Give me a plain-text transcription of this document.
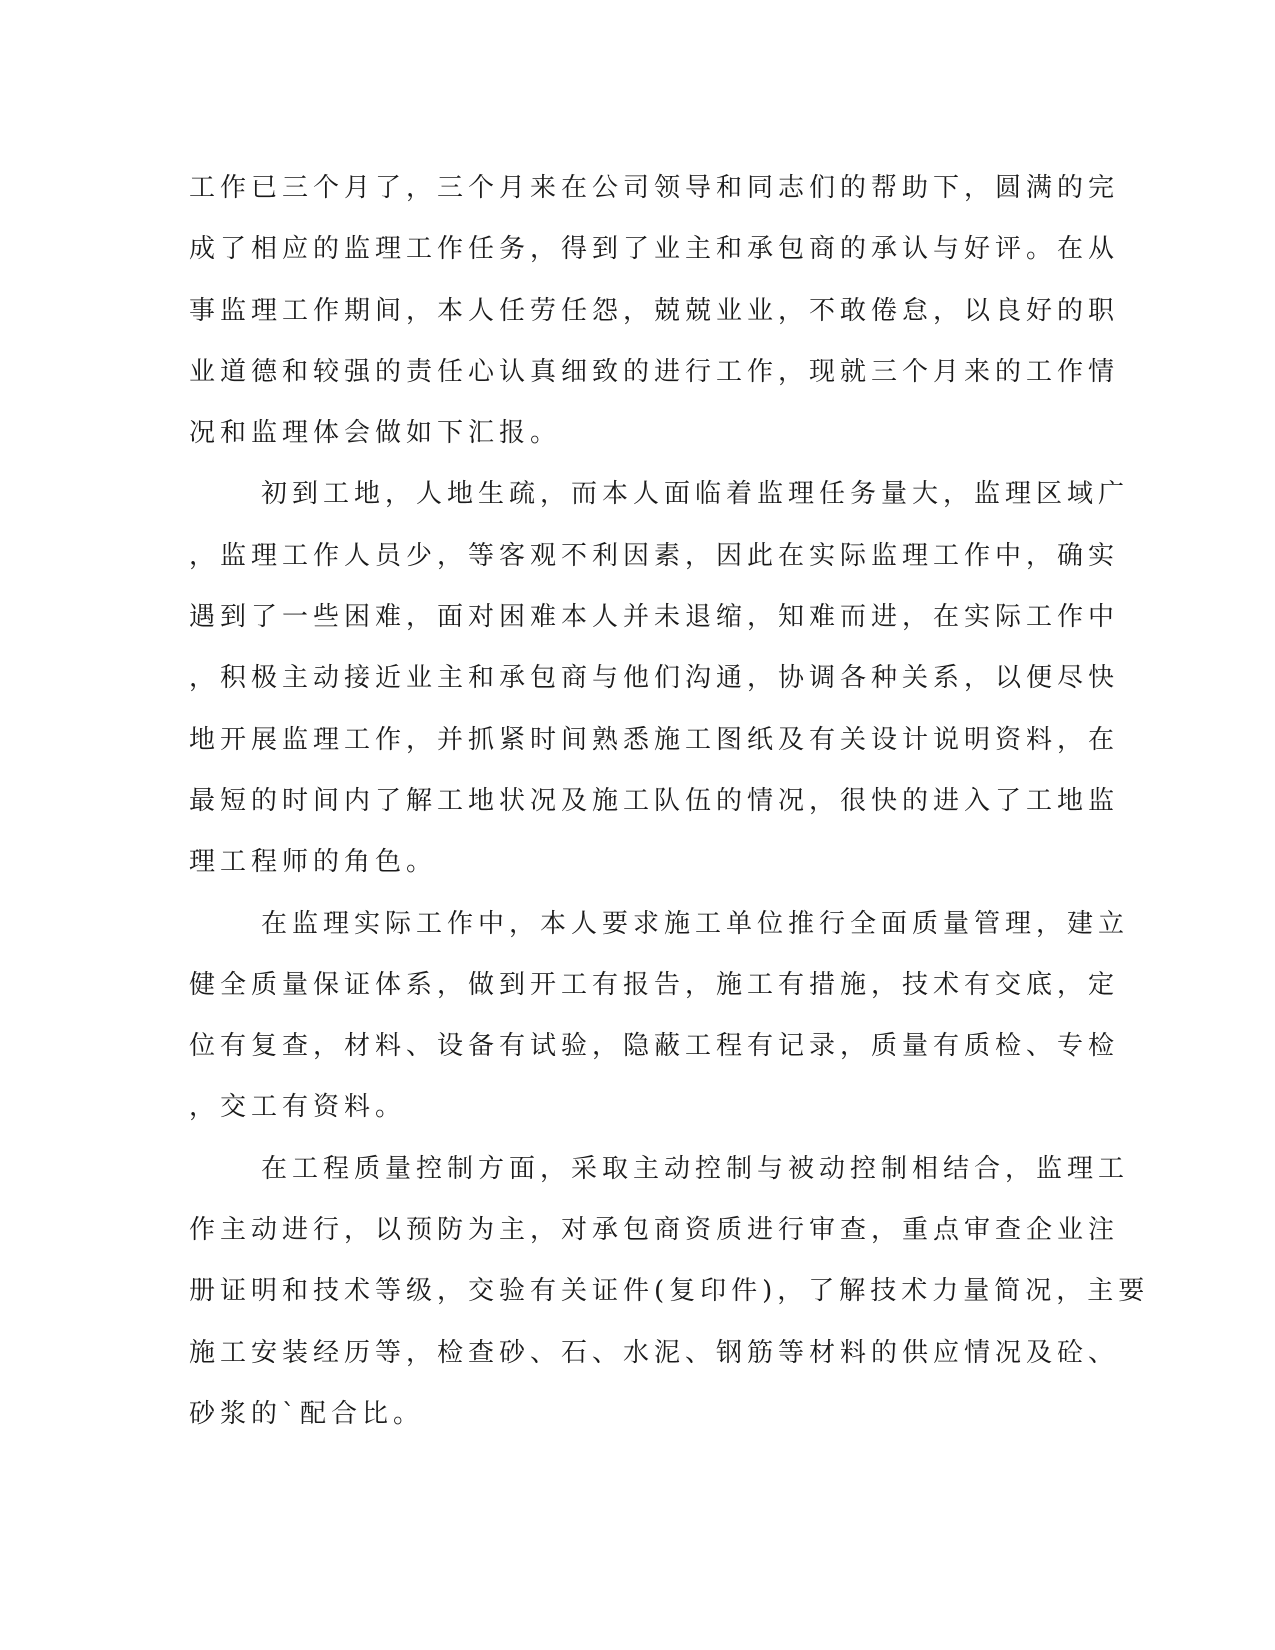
工作已三个月了，三个月来在公司领导和同志们的帮助下，圆满的完
成了相应的监理工作任务，得到了业主和承包商的承认与好评。在从
事监理工作期间，本人任劳任怨，兢兢业业，不敢倦怠，以良好的职
业道德和较强的责任心认真细致的进行工作，现就三个月来的工作情
况和监理体会做如下汇报。
初到工地，人地生疏，而本人面临着监理任务量大，监理区域广
，监理工作人员少，等客观不利因素，因此在实际监理工作中，确实
遇到了一些困难，面对困难本人并未退缩，知难而进，在实际工作中
，积极主动接近业主和承包商与他们沟通，协调各种关系，以便尽快
地开展监理工作，并抓紧时间熟悉施工图纸及有关设计说明资料，在
最短的时间内了解工地状况及施工队伍的情况，很快的进入了工地监
理工程师的角色。
在监理实际工作中，本人要求施工单位推行全面质量管理，建立
健全质量保证体系，做到开工有报告，施工有措施，技术有交底，定
位有复查，材料、设备有试验，隐蔽工程有记录，质量有质检、专检
，交工有资料。
在工程质量控制方面，采取主动控制与被动控制相结合，监理工
作主动进行，以预防为主，对承包商资质进行审查，重点审查企业注
册证明和技术等级，交验有关证件(复印件)，了解技术力量简况，主要
施工安装经历等，检查砂、石、水泥、钢筋等材料的供应情况及砼、
砂浆的`配合比。
